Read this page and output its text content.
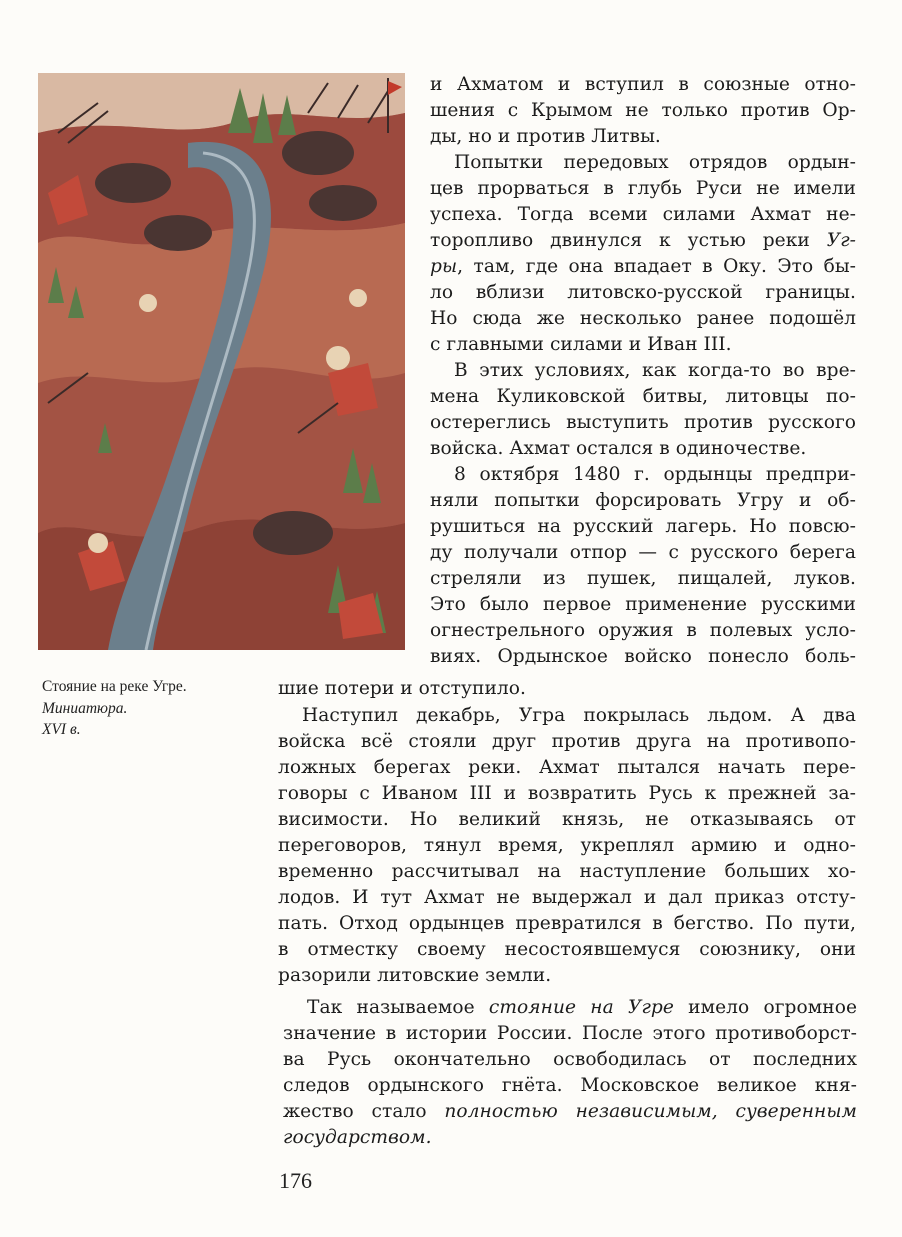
Стояние на реке Угре. Миниатюра.
XVI в.
и Ахматом и вступил в союзные отно-
шения с Крымом не только против Ор-
ды, но и против Литвы.
Попытки передовых отрядов ордын-
цев прорваться в глубь Руси не имели
успеха. Тогда всеми силами Ахмат не-
торопливо двинулся к устью реки Уг-
ры, там, где она впадает в Оку. Это бы-
ло вблизи литовско-русской границы.
Но сюда же несколько ранее подошёл
с главными силами и Иван III.
В этих условиях, как когда-то во вре-
мена Куликовской битвы, литовцы по-
остереглись выступить против русского
войска. Ахмат остался в одиночестве.
8 октября 1480 г. ордынцы предпри-
няли попытки форсировать Угру и об-
рушиться на русский лагерь. Но повсю-
ду получали отпор — с русского берега
стреляли из пушек, пищалей, луков.
Это было первое применение русскими
огнестрельного оружия в полевых усло-
виях. Ордынское войско понесло боль-
шие потери и отступило.
Наступил декабрь, Угра покрылась льдом. А два
войска всё стояли друг против друга на противопо-
ложных берегах реки. Ахмат пытался начать пере-
говоры с Иваном III и возвратить Русь к прежней за-
висимости. Но великий князь, не отказываясь от
переговоров, тянул время, укреплял армию и одно-
временно рассчитывал на наступление больших хо-
лодов. И тут Ахмат не выдержал и дал приказ отсту-
пать. Отход ордынцев превратился в бегство. По пути,
в отместку своему несостоявшемуся союзнику, они
разорили литовские земли.
Так называемое стояние на Угре имело огромное
значение в истории России. После этого противоборст-
ва Русь окончательно освободилась от последних
следов ордынского гнёта. Московское великое кня-
жество стало полностью независимым, суверенным
государством.
176
